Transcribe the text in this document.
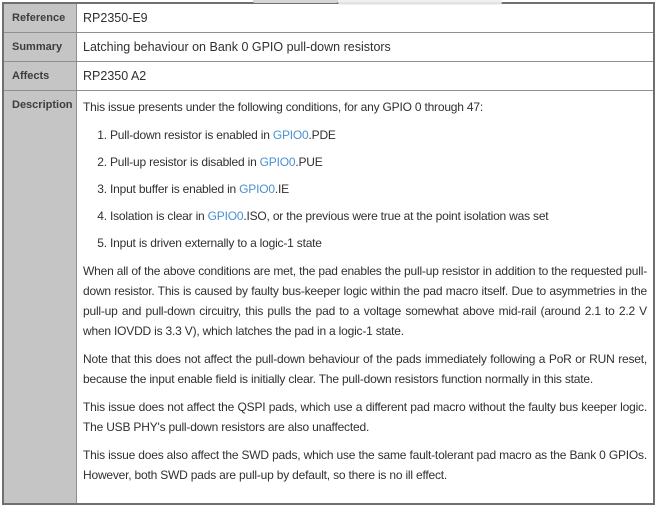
Reference	RP2350-E9
Summary	Latching behaviour on Bank 0 GPIO pull-down resistors
Affects	RP2350 A2
Description This issue presents under the following conditions, for any GPIO 0 through 47:

1. Pull-down resistor is enabled in GPIO0.PDE
2. Pull-up resistor is disabled in GPIO0.PUE
3. Input buffer is enabled in GPIO0.IE
4. Isolation is clear in GPIO0.ISO, or the previous were true at the point isolation was set
5. Input is driven externally to a logic-1 state

When all of the above conditions are met, the pad enables the pull-up resistor in addition to the requested pull-down resistor. This is caused by faulty bus-keeper logic within the pad macro itself. Due to asymmetries in the pull-up and pull-down circuitry, this pulls the pad to a voltage somewhat above mid-rail (around 2.1 to 2.2 V when IOVDD is 3.3 V), which latches the pad in a logic-1 state.

Note that this does not affect the pull-down behaviour of the pads immediately following a PoR or RUN reset, because the input enable field is initially clear. The pull-down resistors function normally in this state.

This issue does not affect the QSPI pads, which use a different pad macro without the faulty bus keeper logic. The USB PHY's pull-down resistors are also unaffected.

This issue does also affect the SWD pads, which use the same fault-tolerant pad macro as the Bank 0 GPIOs. However, both SWD pads are pull-up by default, so there is no ill effect.
